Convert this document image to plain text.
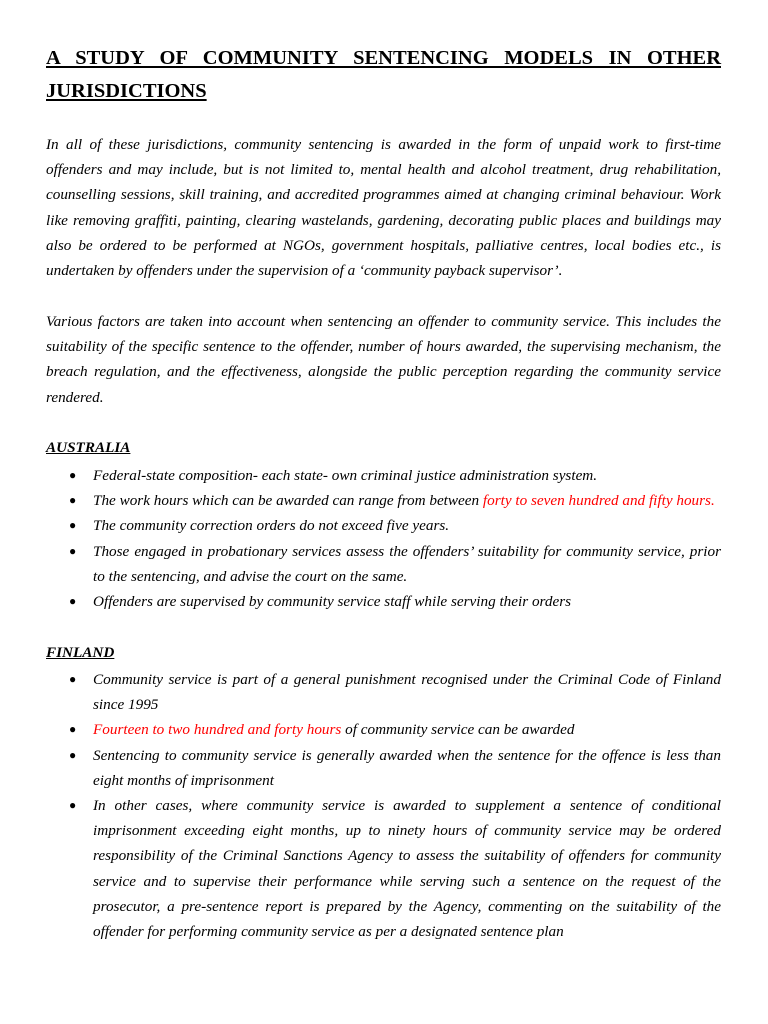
A STUDY OF COMMUNITY SENTENCING MODELS IN OTHER JURISDICTIONS

In all of these jurisdictions, community sentencing is awarded in the form of unpaid work to first-time offenders and may include, but is not limited to, mental health and alcohol treatment, drug rehabilitation, counselling sessions, skill training, and accredited programmes aimed at changing criminal behaviour. Work like removing graffiti, painting, clearing wastelands, gardening, decorating public places and buildings may also be ordered to be performed at NGOs, government hospitals, palliative centres, local bodies etc., is undertaken by offenders under the supervision of a ‘community payback supervisor’.

Various factors are taken into account when sentencing an offender to community service. This includes the suitability of the specific sentence to the offender, number of hours awarded, the supervising mechanism, the breach regulation, and the effectiveness, alongside the public perception regarding the community service rendered.

AUSTRALIA
● Federal-state composition- each state- own criminal justice administration system.
● The work hours which can be awarded can range from between forty to seven hundred and fifty hours.
● The community correction orders do not exceed five years.
● Those engaged in probationary services assess the offenders’ suitability for community service, prior to the sentencing, and advise the court on the same.
● Offenders are supervised by community service staff while serving their orders
FINLAND
● Community service is part of a general punishment recognised under the Criminal Code of Finland since 1995
● Fourteen to two hundred and forty hours of community service can be awarded
● Sentencing to community service is generally awarded when the sentence for the offence is less than eight months of imprisonment
● In other cases, where community service is awarded to supplement a sentence of conditional imprisonment exceeding eight months, up to ninety hours of community service may be ordered responsibility of the Criminal Sanctions Agency to assess the suitability of offenders for community service and to supervise their performance while serving such a sentence on the request of the prosecutor, a pre-sentence report is prepared by the Agency, commenting on the suitability of the offender for performing community service as per a designated sentence plan
